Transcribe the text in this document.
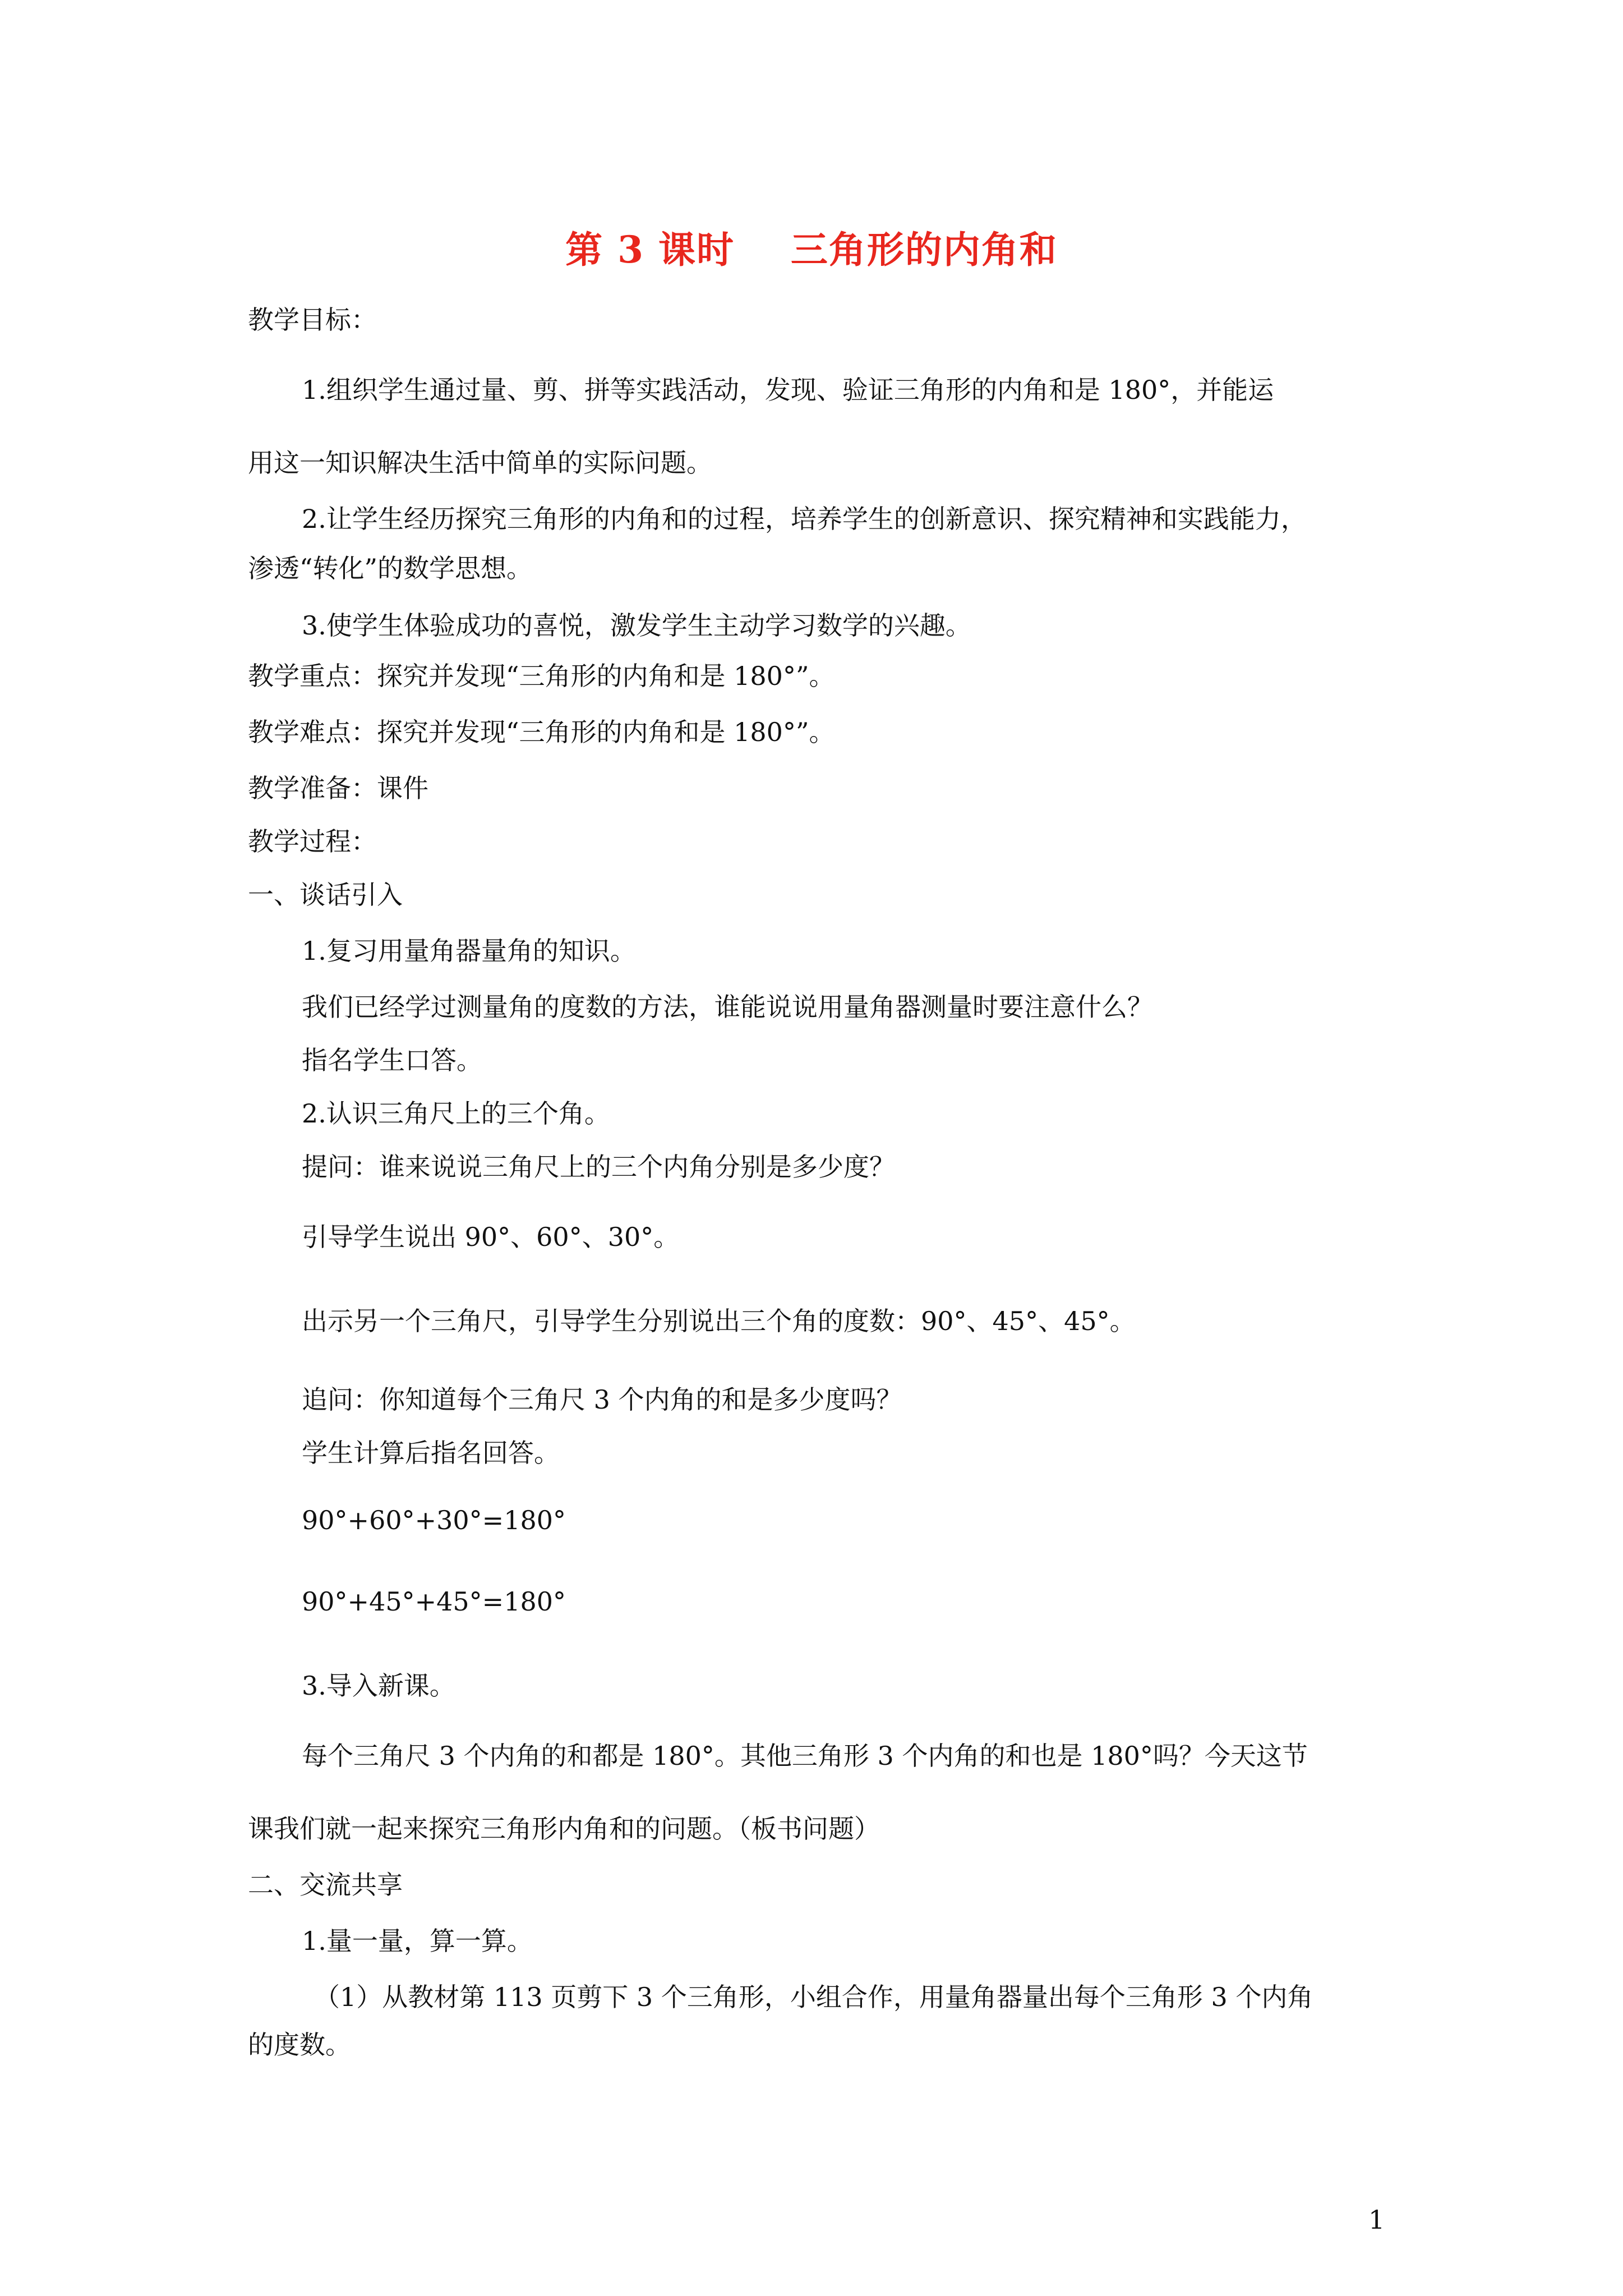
第 3 课时    三角形的内角和
教学目标：
1.组织学生通过量、剪、拼等实践活动，发现、验证三角形的内角和是 180°，并能运
用这一知识解决生活中简单的实际问题。
2.让学生经历探究三角形的内角和的过程，培养学生的创新意识、探究精神和实践能力，
渗透“转化”的数学思想。
3.使学生体验成功的喜悦，激发学生主动学习数学的兴趣。
教学重点：探究并发现“三角形的内角和是 180°”。
教学难点：探究并发现“三角形的内角和是 180°”。
教学准备：课件
教学过程：
一、谈话引入
1.复习用量角器量角的知识。
我们已经学过测量角的度数的方法，谁能说说用量角器测量时要注意什么？
指名学生口答。
2.认识三角尺上的三个角。
提问：谁来说说三角尺上的三个内角分别是多少度？
引导学生说出 90°、60°、30°。
出示另一个三角尺，引导学生分别说出三个角的度数：90°、45°、45°。
追问：你知道每个三角尺 3 个内角的和是多少度吗？
学生计算后指名回答。
90°+60°+30°=180°
90°+45°+45°=180°
3.导入新课。
每个三角尺 3 个内角的和都是 180°。其他三角形 3 个内角的和也是 180°吗？今天这节
课我们就一起来探究三角形内角和的问题。（板书问题）
二、交流共享
1.量一量，算一算。
（1）从教材第 113 页剪下 3 个三角形，小组合作，用量角器量出每个三角形 3 个内角
的度数。
1
